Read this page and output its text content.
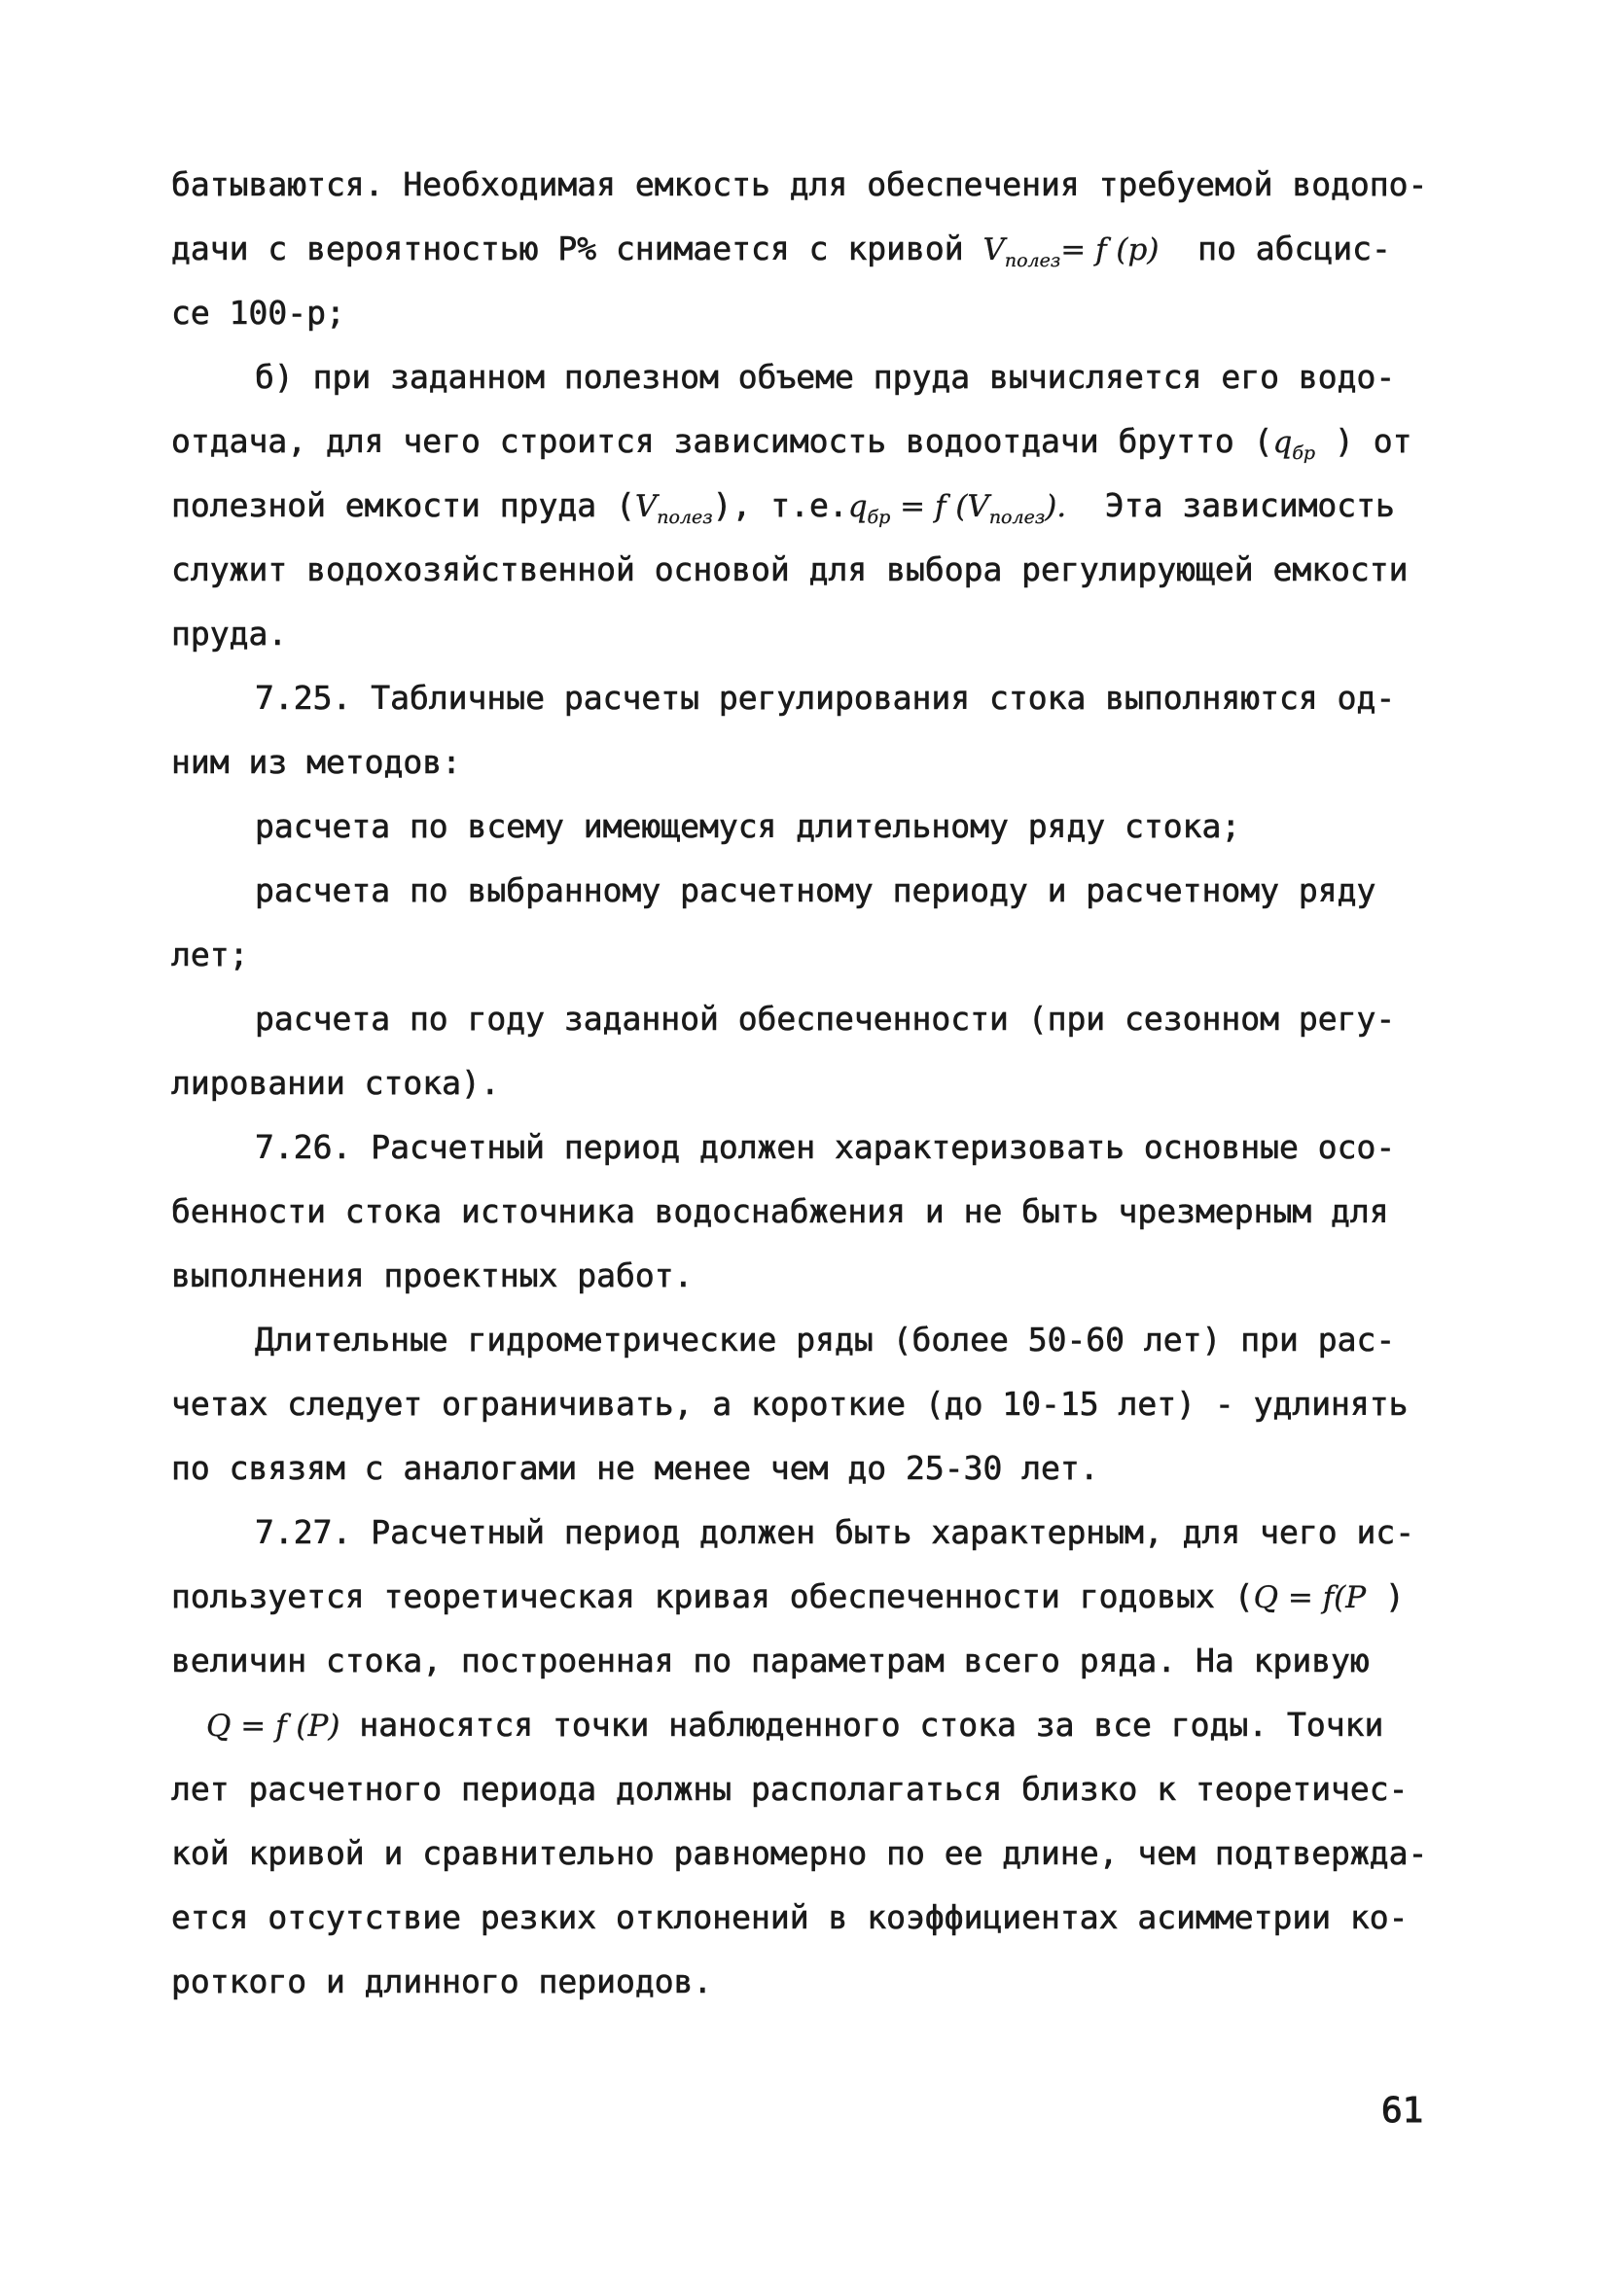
батываются. Необходимая емкость для обеспечения требуемой водопо-
дачи с вероятностью Р% снимается с кривой $V_{полез}= f$ (p)  по абсцис-
се 100-р;
б) при заданном полезном объеме пруда вычисляется его водо-
отдача, для чего строится зависимость водоотдачи брутто ($q_{бр}$ ) от
полезной емкости пруда $(V_{полез})$, $т.е.q_{бр} = f$ $(V_{полез})$.  Эта зависимость
служит водохозяйственной основой для выбора регулирующей емкости
пруда.
7.25. Табличные расчеты регулирования стока выполняются од-
ним из методов:
расчета по всему имеющемуся длительному ряду стока;
расчета по выбранному расчетному периоду и расчетному ряду
лет;
расчета по году заданной обеспеченности (при сезонном регу-
лировании стока).
7.26. Расчетный период должен характеризовать основные осо-
бенности стока источника водоснабжения и не быть чрезмерным для
выполнения проектных работ.
Длительные гидрометрические ряды (более 50-60 лет) при рас-
четах следует ограничивать, а короткие (до 10-15 лет) - удлинять
по связям с аналогами не менее чем до 25-30 лет.
7.27. Расчетный период должен быть характерным, для чего ис-
пользуется теоретическая кривая обеспеченности годовых (Q = f(P )
величин стока, построенная по параметрам всего ряда. На кривую
Q = f (P) наносятся точки наблюденного стока за все годы. Точки
лет расчетного периода должны располагаться близко к теоретичес-
кой кривой и сравнительно равномерно по ее длине, чем подтвержда-
ется отсутствие резких отклонений в коэффициентах асимметрии ко-
роткого и длинного периодов.
61
